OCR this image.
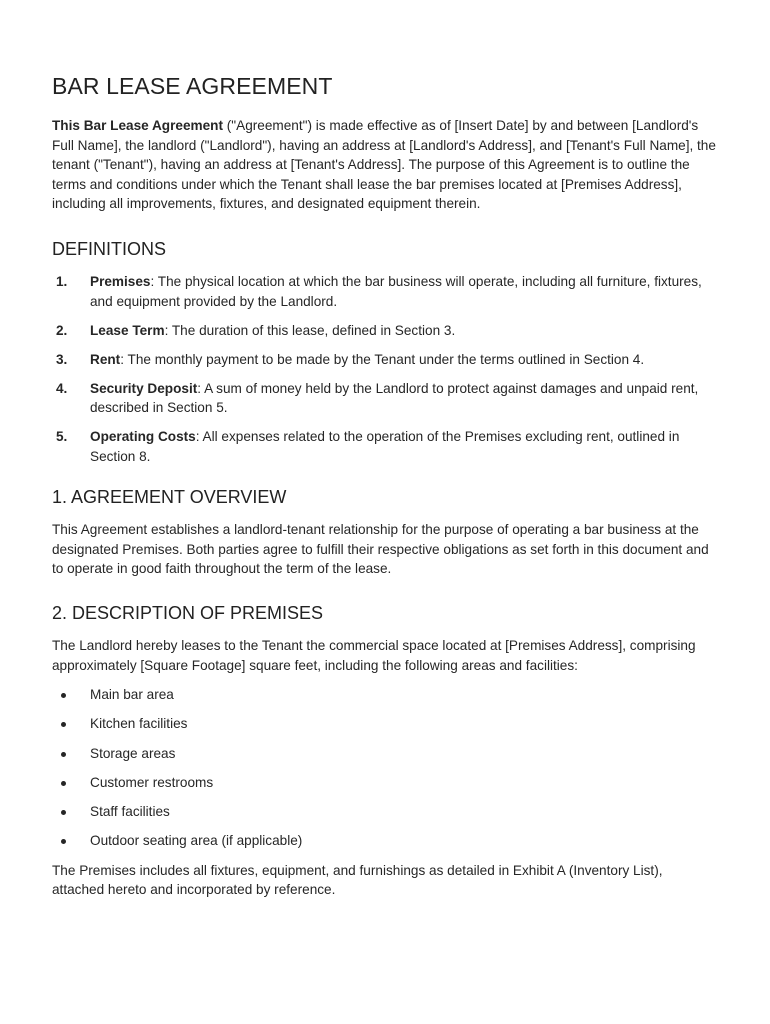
BAR LEASE AGREEMENT

This Bar Lease Agreement ("Agreement") is made effective as of [Insert Date] by and between [Landlord's Full Name], the landlord ("Landlord"), having an address at [Landlord's Address], and [Tenant's Full Name], the tenant ("Tenant"), having an address at [Tenant's Address]. The purpose of this Agreement is to outline the terms and conditions under which the Tenant shall lease the bar premises located at [Premises Address], including all improvements, fixtures, and designated equipment therein.

DEFINITIONS
1. Premises: The physical location at which the bar business will operate, including all furniture, fixtures, and equipment provided by the Landlord.
2. Lease Term: The duration of this lease, defined in Section 3.
3. Rent: The monthly payment to be made by the Tenant under the terms outlined in Section 4.
4. Security Deposit: A sum of money held by the Landlord to protect against damages and unpaid rent, described in Section 5.
5. Operating Costs: All expenses related to the operation of the Premises excluding rent, outlined in Section 8.
1. AGREEMENT OVERVIEW

This Agreement establishes a landlord-tenant relationship for the purpose of operating a bar business at the designated Premises. Both parties agree to fulfill their respective obligations as set forth in this document and to operate in good faith throughout the term of the lease.

2. DESCRIPTION OF PREMISES

The Landlord hereby leases to the Tenant the commercial space located at [Premises Address], comprising approximately [Square Footage] square feet, including the following areas and facilities:

Main bar area
Kitchen facilities
Storage areas
Customer restrooms
Staff facilities
Outdoor seating area (if applicable)

The Premises includes all fixtures, equipment, and furnishings as detailed in Exhibit A (Inventory List), attached hereto and incorporated by reference.
